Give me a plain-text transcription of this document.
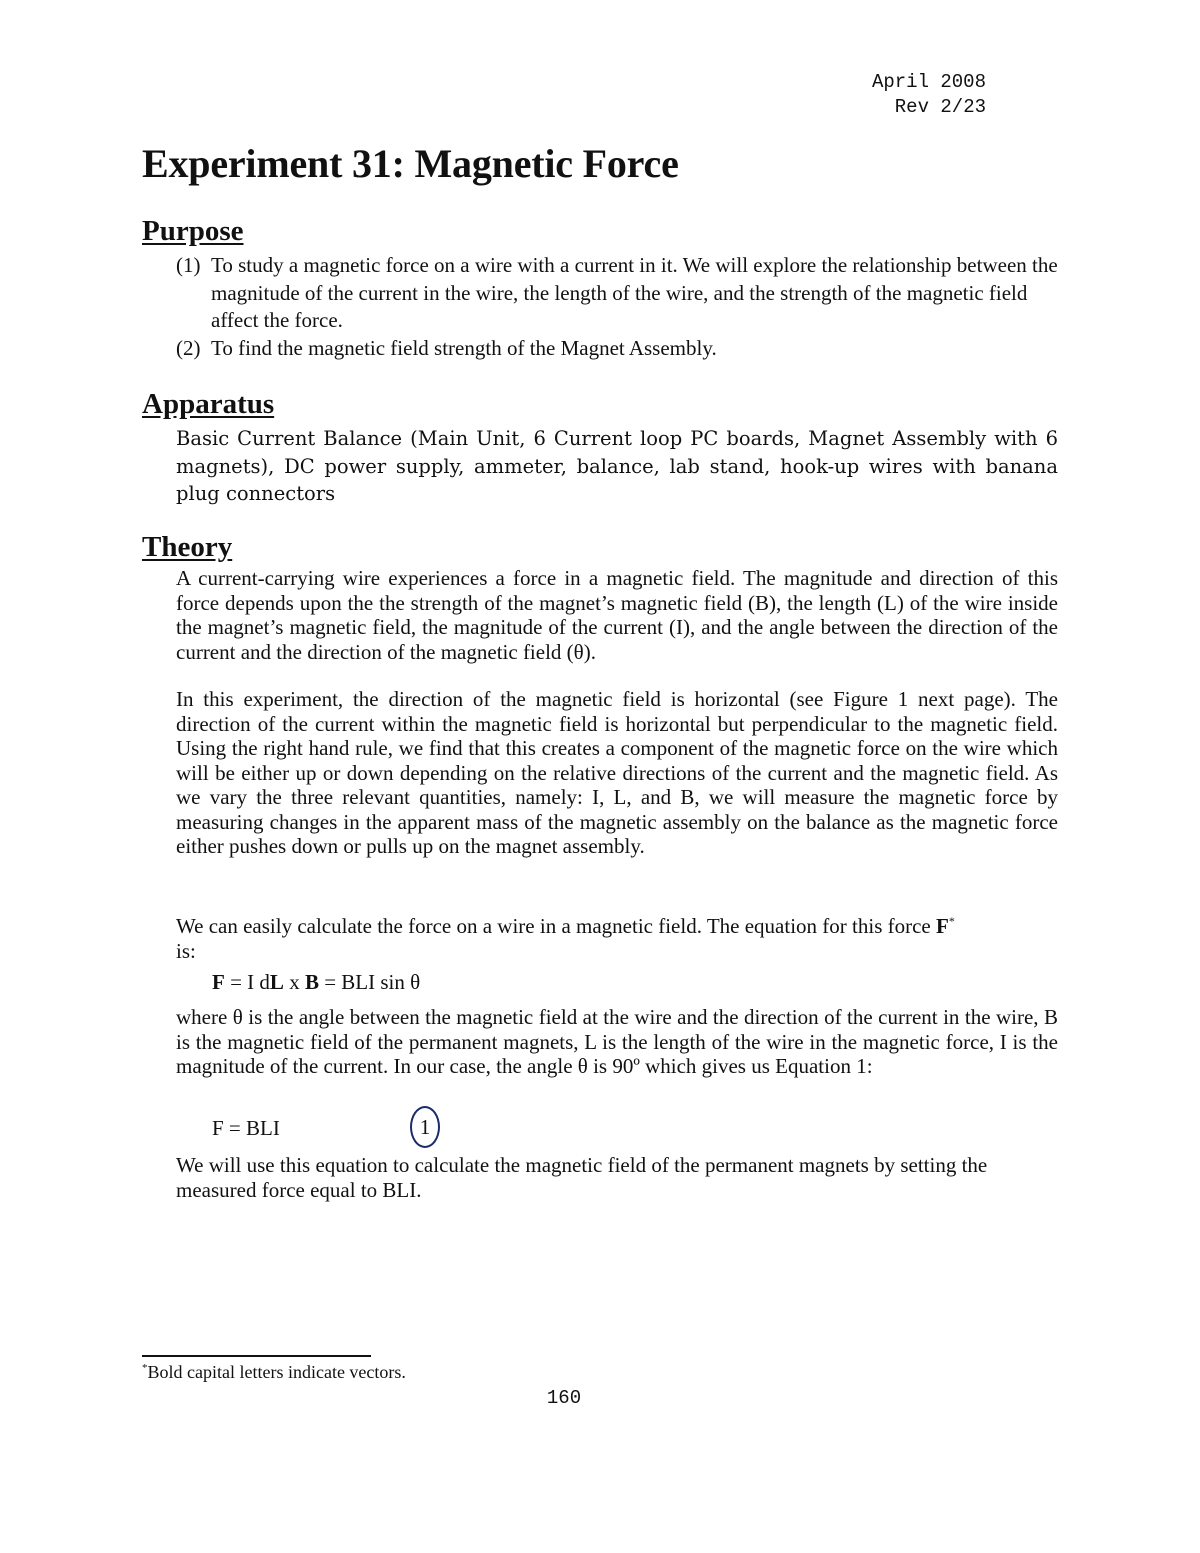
April 2008
Rev 2/23
Experiment 31: Magnetic Force
Purpose
(1) To study a magnetic force on a wire with a current in it. We will explore the relationship between the magnitude of the current in the wire, the length of the wire, and the strength of the magnetic field affect the force.
(2) To find the magnetic field strength of the Magnet Assembly.
Apparatus
Basic Current Balance (Main Unit, 6 Current loop PC boards, Magnet Assembly with 6 magnets), DC power supply, ammeter, balance, lab stand, hook-up wires with banana plug connectors
Theory

A current-carrying wire experiences a force in a magnetic field. The magnitude and direction of this force depends upon the the strength of the magnet’s magnetic field (B), the length (L) of the wire inside the magnet’s magnetic field, the magnitude of the current (I), and the angle between the direction of the current and the direction of the magnetic field (θ).

In this experiment, the direction of the magnetic field is horizontal (see Figure 1 next page). The direction of the current within the magnetic field is horizontal but perpendicular to the magnetic field. Using the right hand rule, we find that this creates a component of the magnetic force on the wire which will be either up or down depending on the relative directions of the current and the magnetic field. As we vary the three relevant quantities, namely: I, L, and B, we will measure the magnetic force by measuring changes in the apparent mass of the magnetic assembly on the balance as the magnetic force either pushes down or pulls up on the magnet assembly.

We can easily calculate the force on a wire in a magnetic field. The equation for this force F*
is:

F = I dL x B = BLI sin θ

where θ is the angle between the magnetic field at the wire and the direction of the current in the wire, B is the magnetic field of the permanent magnets, L is the length of the wire in the magnetic force, I is the magnitude of the current. In our case, the angle θ is 90º which gives us Equation 1:

F = BLI	1

We will use this equation to calculate the magnetic field of the permanent magnets by setting the measured force equal to BLI.

*Bold capital letters indicate vectors.
160
